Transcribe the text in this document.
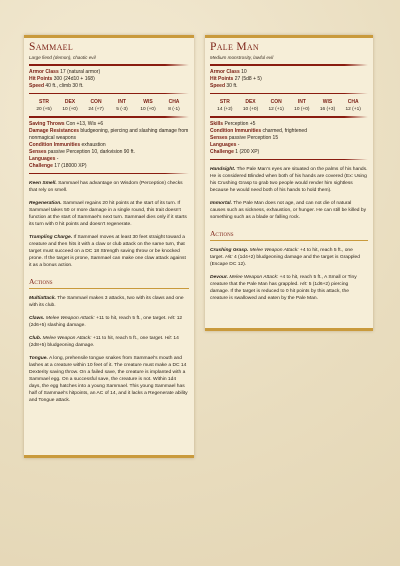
Sammael
Large fiend (demon), chaotic evil
Armor Class 17 (natural armor)
Hit Points 300 (24d10 + 168)
Speed 40 ft., climb 30 ft.
STR
20 (+5)
DEX
10 (+0)
CON
24 (+7)
INT
5 (-3)
WIS
10 (+0)
CHA
8 (-1)
Saving Throws Con +13, Wis +6
Damage Resistances bludgeoning, piercing and slashing damage from nonmagical weapons
Condition Immunities exhaustion
Senses passive Perception 10, darkvision 90 ft.
Languages -
Challenge 17 (18000 XP)
Keen Smell. Sammael has advantage on Wisdom (Perception) checks that rely on smell.
Regeneration. Sammael regains 20 hit points at the start of its turn. If Sammael takes 50 or more damage in a single round, this trait doesn't function at the start of Sammael's next turn. Sammael dies only if it starts its turn with 0 hit points and doesn't regenerate.
Trampling Charge. If Sammael moves at least 30 feet straight toward a creature and then hits it with a claw or club attack on the same turn, that target must succeed on a DC 18 Strength saving throw or be knocked prone. If the target is prone, Sammael can make one claw attack against it as a bonus action.
Actions
Multiattack. The Sammael makes 3 attacks, two with its claws and one with its club.
Claws. Melee Weapon Attack: +11 to hit, reach 5 ft., one target. Hit: 12 (2d6+5) slashing damage.
Club. Melee Weapon Attack: +11 to hit, reach 5 ft., one target. Hit: 14 (2d8+5) bludgeoning damage.
Tongue. A long, prehensile tongue snakes from Sammael's mouth and lashes at a creature within 10 feet of it. The creature must make a DC 14 Dexterity saving throw. On a failed save, the creature is implanted with a Sammael egg. On a successful save, the creature is not. Within 1d4 days, the egg hatches into a young Sammael. This young Sammael has half of Sammael's hitpoints, an AC of 14, and it lacks a Regenerate ability and Tongue attack.
Pale Man
Medium monstrosity, lawful evil
Armor Class 10
Hit Points 27 (5d8 + 5)
Speed 30 ft.
STR
14 (+2)
DEX
10 (+0)
CON
12 (+1)
INT
10 (+0)
WIS
16 (+3)
CHA
12 (+1)
Skills Perception +5
Condition Immunities charmed, frightened
Senses passive Perception 15
Languages -
Challenge 1 (200 XP)
Handsight. The Pale Man's eyes are situated on the palms of his hands. He is considered Blinded when both of his hands are covered (Ex: Using his Crushing Grasp to grab two people would render him sightless because he would need both of his hands to hold them).
Immortal. The Pale Man does not age, and can not die of natural causes such as sickness, exhaustion, or hunger. He can still be killed by something such as a blade or falling rock.
Actions
Crushing Grasp. Melee Weapon Attack: +4 to hit, reach 5 ft., one target. Hit: 4 (1d4+2) bludgeoning damage and the target is Grappled (Escape DC 12).
Devour. Melee Weapon Attack: +4 to hit, reach 5 ft., A Small or Tiny creature that the Pale Man has grappled. Hit: 5 (1d6+2) piercing damage. If the target is reduced to 0 hit points by this attack, the creature is swallowed and eaten by the Pale Man.
